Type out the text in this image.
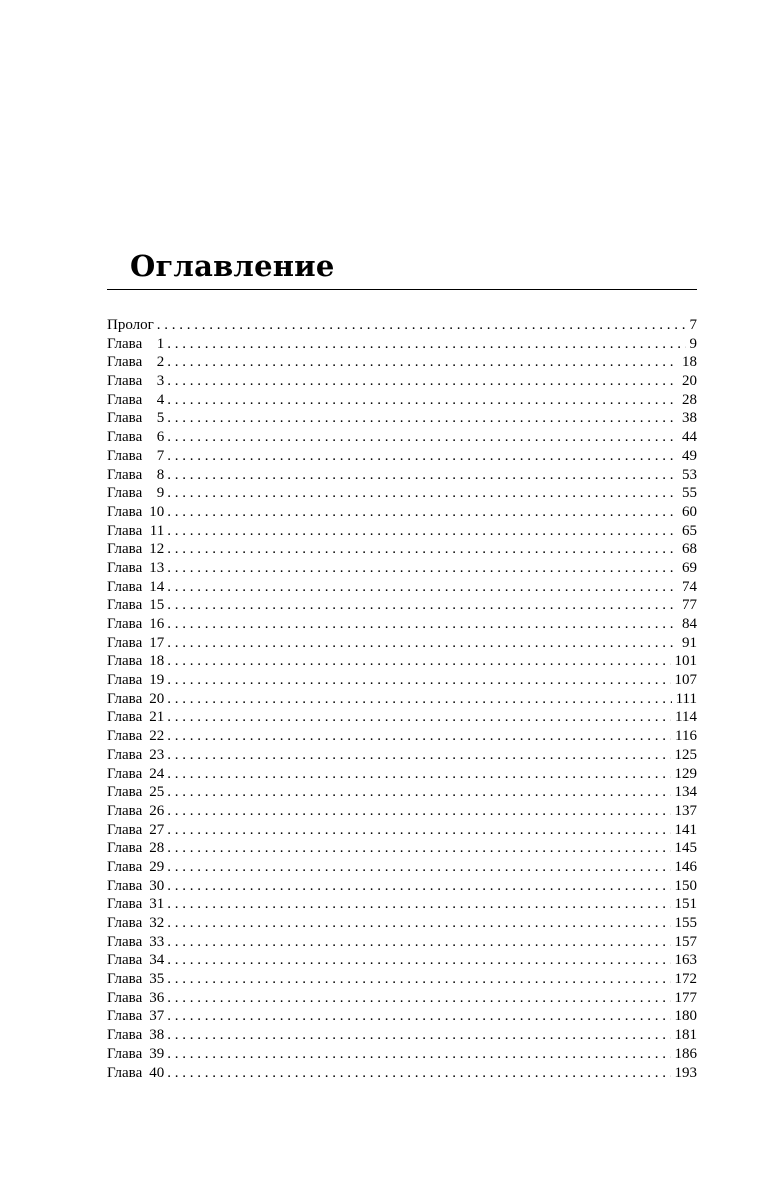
Оглавление
Пролог . . .	7
Глава 1 . . .	9
Глава 2 . . .	18
Глава 3 . . .	20
Глава 4 . . .	28
Глава 5 . . .	38
Глава 6 . . .	44
Глава 7 . . .	49
Глава 8 . . .	53
Глава 9 . . .	55
Глава 10 . . .	60
Глава 11 . . .	65
Глава 12 . . .	68
Глава 13 . . .	69
Глава 14 . . .	74
Глава 15 . . .	77
Глава 16 . . .	84
Глава 17 . . .	91
Глава 18 . . .	101
Глава 19 . . .	107
Глава 20 . . .	111
Глава 21 . . .	114
Глава 22 . . .	116
Глава 23 . . .	125
Глава 24 . . .	129
Глава 25 . . .	134
Глава 26 . . .	137
Глава 27 . . .	141
Глава 28 . . .	145
Глава 29 . . .	146
Глава 30 . . .	150
Глава 31 . . .	151
Глава 32 . . .	155
Глава 33 . . .	157
Глава 34 . . .	163
Глава 35 . . .	172
Глава 36 . . .	177
Глава 37 . . .	180
Глава 38 . . .	181
Глава 39 . . .	186
Глава 40 . . .	193
